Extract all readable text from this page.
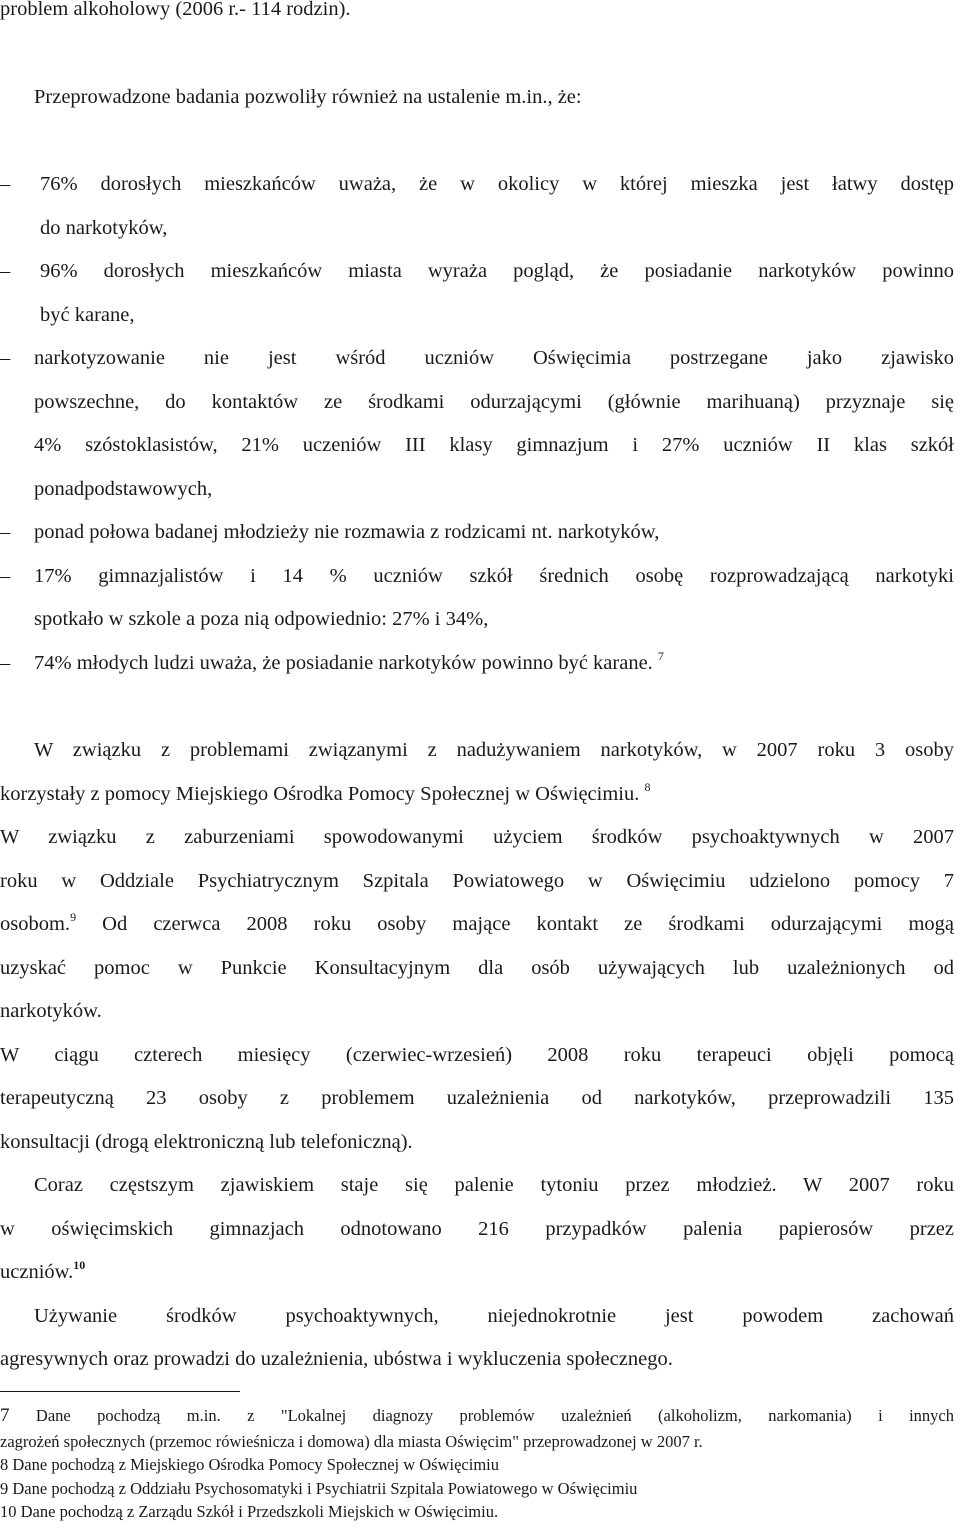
problem alkoholowy (2006 r.- 114 rodzin).
Przeprowadzone badania pozwoliły również na ustalenie m.in., że:
– 76% dorosłych mieszkańców uważa, że w okolicy w której mieszka jest łatwy dostęp
do narkotyków,
– 96% dorosłych mieszkańców miasta wyraża pogląd, że posiadanie narkotyków powinno
być karane,
– narkotyzowanie nie jest wśród uczniów Oświęcimia postrzegane jako zjawisko
powszechne, do kontaktów ze środkami odurzającymi (głównie marihuaną) przyznaje się
4% szóstoklasistów, 21% uczeniów III klasy gimnazjum i 27% uczniów II klas szkół
ponadpodstawowych,
– ponad połowa badanej młodzieży nie rozmawia z rodzicami nt. narkotyków,
– 17% gimnazjalistów i 14 % uczniów szkół średnich osobę rozprowadzającą narkotyki
spotkało w szkole a poza nią odpowiednio: 27% i 34%,
– 74% młodych ludzi uważa, że posiadanie narkotyków powinno być karane. $^7$
W związku z problemami związanymi z nadużywaniem narkotyków, w 2007 roku 3 osoby
korzystały z pomocy Miejskiego Ośrodka Pomocy Społecznej w Oświęcimiu. $^8$
W związku z zaburzeniami spowodowanymi użyciem środków psychoaktywnych w 2007
roku w Oddziale Psychiatrycznym Szpitala Powiatowego w Oświęcimiu udzielono pomocy 7
osobom.$^9$ Od czerwca 2008 roku osoby mające kontakt ze środkami odurzającymi mogą
uzyskać pomoc w Punkcie Konsultacyjnym dla osób używających lub uzależnionych od
narkotyków.
W ciągu czterech miesięcy (czerwiec-wrzesień) 2008 roku terapeuci objęli pomocą
terapeutyczną 23 osoby z problemem uzależnienia od narkotyków, przeprowadzili 135
konsultacji (drogą elektroniczną lub telefoniczną).
Coraz częstszym zjawiskiem staje się palenie tytoniu przez młodzież. W 2007 roku
w oświęcimskich gimnazjach odnotowano 216 przypadków palenia papierosów przez
uczniów.$^{10}$
Używanie środków psychoaktywnych, niejednokrotnie jest powodem zachowań
agresywnych oraz prowadzi do uzależnienia, ubóstwa i wykluczenia społecznego.
7 Dane pochodzą m.in. z "Lokalnej diagnozy problemów uzależnień (alkoholizm, narkomania) i innych
zagrożeń społecznych (przemoc rówieśnicza i domowa) dla miasta Oświęcim" przeprowadzonej w 2007 r.
8 Dane pochodzą z Miejskiego Ośrodka Pomocy Społecznej w Oświęcimiu
9 Dane pochodzą z Oddziału Psychosomatyki i Psychiatrii Szpitala Powiatowego w Oświęcimiu
10 Dane pochodzą z Zarządu Szkół i Przedszkoli Miejskich w Oświęcimiu.
